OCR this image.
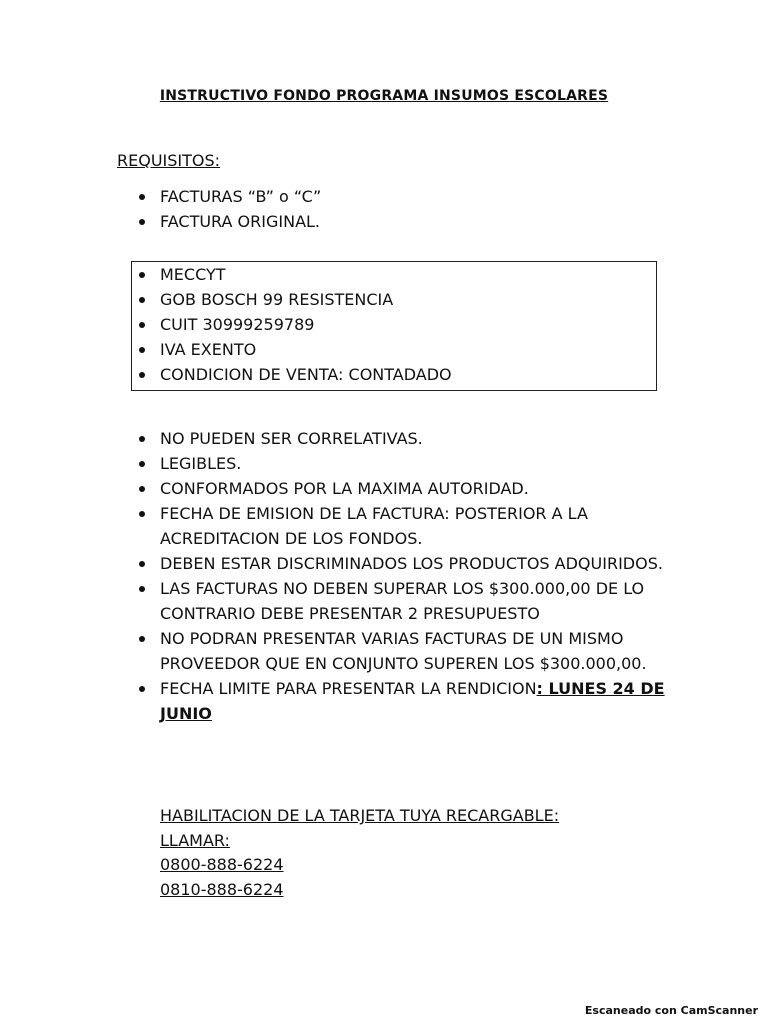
INSTRUCTIVO FONDO PROGRAMA INSUMOS ESCOLARES
REQUISITOS:
FACTURAS “B” o “C”
FACTURA ORIGINAL.
MECCYT
GOB BOSCH 99 RESISTENCIA
CUIT 30999259789
IVA EXENTO
CONDICION DE VENTA: CONTADADO
NO PUEDEN SER CORRELATIVAS.
LEGIBLES.
CONFORMADOS POR LA MAXIMA AUTORIDAD.
FECHA DE EMISION DE LA FACTURA: POSTERIOR A LA ACREDITACION DE LOS FONDOS.
DEBEN ESTAR DISCRIMINADOS LOS PRODUCTOS ADQUIRIDOS.
LAS FACTURAS NO DEBEN SUPERAR LOS $300.000,00 DE LO CONTRARIO DEBE PRESENTAR 2 PRESUPUESTO
NO PODRAN PRESENTAR VARIAS FACTURAS DE UN MISMO PROVEEDOR QUE EN CONJUNTO SUPEREN LOS $300.000,00.
FECHA LIMITE PARA PRESENTAR LA RENDICION: LUNES 24 DE JUNIO
HABILITACION DE LA TARJETA TUYA RECARGABLE:
LLAMAR:
0800-888-6224
0810-888-6224
Escaneado con CamScanner
